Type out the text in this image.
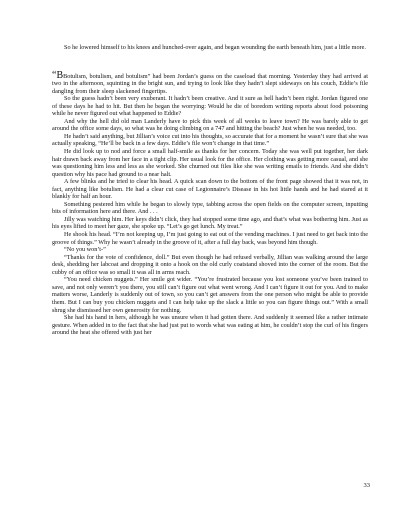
So he lowered himself to his knees and hunched-over again, and began wounding the earth beneath him, just a little more.

“BBotulism, botulism, and botulism” had been Jordan’s guess on the caseload that morning. Yesterday they had arrived at two in the afternoon, squinting in the bright sun, and trying to look like they hadn’t slept sideways on his couch, Eddie’s file dangling from their sleep slackened fingertips.

So the guess hadn’t been very exuberant. It hadn’t been creative. And it sure as hell hadn’t been right. Jordan figured one of these days he had to hit. But then he began the worrying: Would he die of boredom writing reports about food poisoning while he never figured out what happened to Eddie?

And why the hell did old man Landerly have to pick this week of all weeks to leave town? He was barely able to get around the office some days, so what was he doing climbing on a 747 and hitting the beach? Just when he was needed, too.

He hadn’t said anything, but Jillian’s voice cut into his thoughts, so accurate that for a moment he wasn’t sure that she was actually speaking, “He’ll be back in a few days. Eddie’s file won’t change in that time.”

He did look up to nod and force a small half-smile as thanks for her concern. Today she was well put together, her dark hair drawn back away from her face in a tight clip. Her usual look for the office. Her clothing was getting more casual, and she was questioning him less and less as she worked. She churned out files like she was writing emails to friends. And she didn’t question why his pace had ground to a near halt.

A few blinks and he tried to clear his head. A quick scan down to the bottom of the front page showed that it was not, in fact, anything like botulism. He had a clear cut case of Legionnaire’s Disease in his hot little hands and he had stared at it blankly for half an hour.

Something pestered him while he began to slowly type, tabbing across the open fields on the computer screen, inputting bits of information here and there. And . . .

Jilly was watching him. Her keys didn’t click, they had stopped some time ago, and that’s what was bothering him. Just as his eyes lifted to meet her gaze, she spoke up. “Let’s go get lunch. My treat.”

He shook his head. “I’m not keeping up, I’m just going to eat out of the vending machines. I just need to get back into the groove of things.” Why he wasn’t already in the groove of it, after a full day back, was beyond him though.

“No you won’t-”

“Thanks for the vote of confidence, doll.” But even though he had refused verbally, Jillian was walking around the large desk, shedding her labcoat and dropping it onto a hook on the old curly coatstand shoved into the corner of the room. But the cubby of an office was so small it was all in arms reach.

“You need chicken nuggets.” Her smile got wider. “You’re frustrated because you lost someone you’ve been trained to save, and not only weren’t you there, you still can’t figure out what went wrong. And I can’t figure it out for you. And to make matters worse, Landerly is suddenly out of town, so you can’t get answers from the one person who might be able to provide them. But I can buy you chicken nuggets and I can help take up the slack a little so you can figure things out.” With a small shrug she dismissed her own generosity for nothing.

She had his hand in hers, although he was unsure when it had gotten there. And suddenly it seemed like a rather intimate gesture. When added in to the fact that she had just put to words what was eating at him, he couldn’t stop the curl of his fingers around the heat she offered with just her

33
